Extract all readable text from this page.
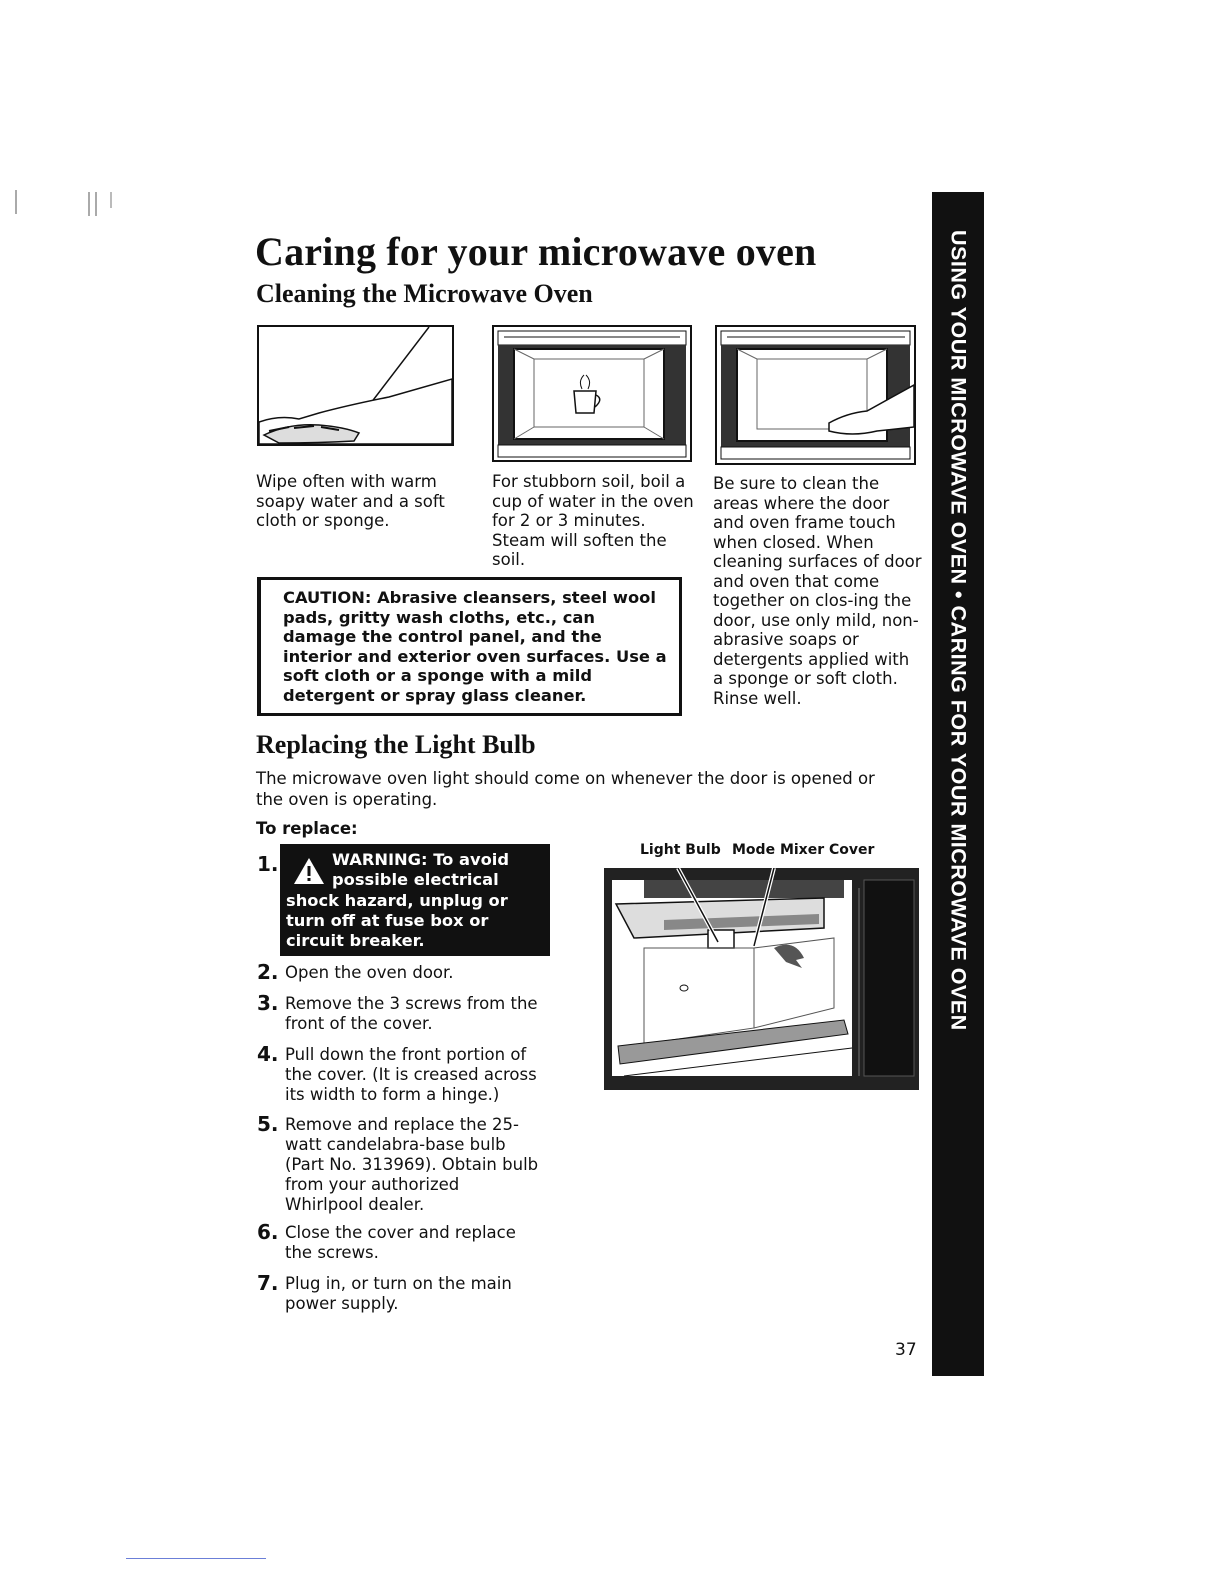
USING YOUR MICROWAVE OVEN • CARING FOR YOUR MICROWAVE OVEN
Caring for your microwave oven
Cleaning the Microwave Oven
Wipe often with warm soapy water and a soft cloth or sponge.
For stubborn soil, boil a cup of water in the oven for 2 or 3 minutes. Steam will soften the soil.
Be sure to clean the areas where the door and oven frame touch when closed. When cleaning surfaces of door and oven that come together on clos-ing the door, use only mild, non-abrasive soaps or detergents applied with a sponge or soft cloth. Rinse well.
CAUTION: Abrasive cleansers, steel wool pads, gritty wash cloths, etc., can damage the control panel, and the interior and exterior oven surfaces. Use a soft cloth or a sponge with a mild detergent or spray glass cleaner.
Replacing the Light Bulb
The microwave oven light should come on whenever the door is opened or the oven is operating.
To replace:
1.	WARNING: To avoid possible electrical
shock hazard, unplug or turn off at fuse box or circuit breaker.
2. Open the oven door.
3. Remove the 3 screws from the front of the cover.
4. Pull down the front portion of the cover. (It is creased across its width to form a hinge.)
5. Remove and replace the 25-watt candelabra-base bulb (Part No. 313969). Obtain bulb from your authorized Whirlpool dealer.
6. Close the cover and replace the screws.
7. Plug in, or turn on the main power supply.
Light Bulb Mode Mixer Cover
37
